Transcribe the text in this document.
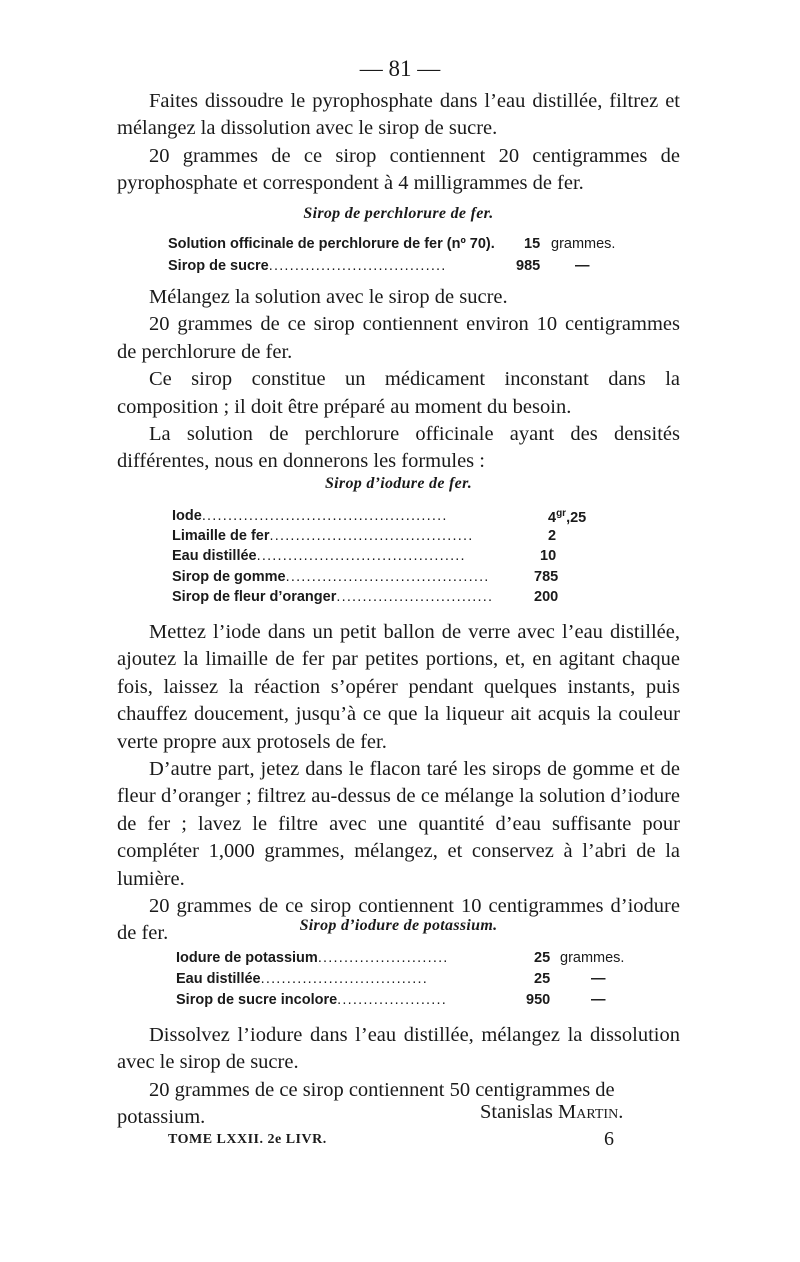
— 81 —

Faites dissoudre le pyrophosphate dans l’eau distillée, filtrez et mélangez la dissolution avec le sirop de sucre.

20 grammes de ce sirop contiennent 20 centigrammes de pyrophosphate et correspondent à 4 milligrammes de fer.

Sirop de perchlorure de fer.
Solution officinale de perchlorure de fer (nº 70). 15 grammes.
Sirop de sucre..................................	985 —

Mélangez la solution avec le sirop de sucre.

20 grammes de ce sirop contiennent environ 10 centigrammes de perchlorure de fer.

Ce sirop constitue un médicament inconstant dans la composition ; il doit être préparé au moment du besoin.

La solution de perchlorure officinale ayant des densités différentes, nous en donnerons les formules :

Sirop d’iodure de fer.
Iode...............................................	$4^{gr},25$
Limaille de fer.......................................	2
Eau distillée........................................	10
Sirop de gomme.......................................	785
Sirop de fleur d’oranger..............................	200

Mettez l’iode dans un petit ballon de verre avec l’eau distillée, ajoutez la limaille de fer par petites portions, et, en agitant chaque fois, laissez la réaction s’opérer pendant quelques instants, puis chauffez doucement, jusqu’à ce que la liqueur ait acquis la couleur verte propre aux protosels de fer.

D’autre part, jetez dans le flacon taré les sirops de gomme et de fleur d’oranger ; filtrez au-dessus de ce mélange la solution d’iodure de fer ; lavez le filtre avec une quantité d’eau suffisante pour compléter 1,000 grammes, mélangez, et conservez à l’abri de la lumière.

20 grammes de ce sirop contiennent 10 centigrammes d’iodure de fer.	Sirop d’iodure de potassium.
Iodure de potassium.........................	25 grammes.
Eau distillée................................	25	—
Sirop de sucre incolore.....................	950	—

Dissolvez l’iodure dans l’eau distillée, mélangez la dissolution avec le sirop de sucre.

20 grammes de ce sirop contiennent 50 centigrammes de potassium.	Stanislas Martin.
TOME LXXII. 2e LIVR.	6
